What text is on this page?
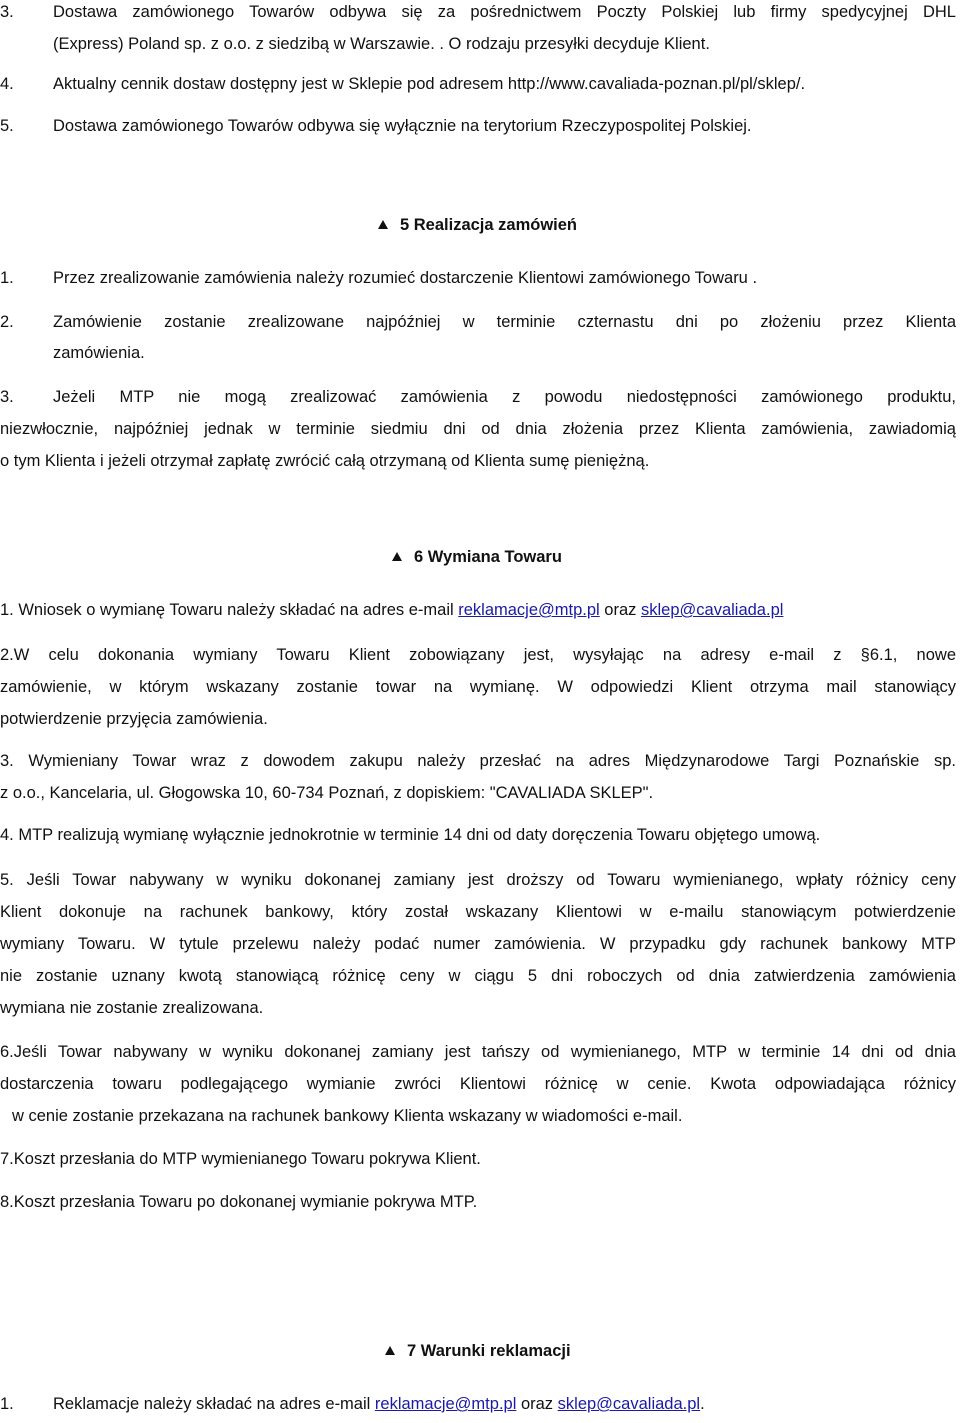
3. Dostawa zamówionego Towarów odbywa się za pośrednictwem Poczty Polskiej lub firmy spedycyjnej DHL
(Express) Poland sp. z o.o. z siedzibą w Warszawie. . O rodzaju przesyłki decyduje Klient.
4. Aktualny cennik dostaw dostępny jest w Sklepie pod adresem http://www.cavaliada-poznan.pl/pl/sklep/.
5. Dostawa zamówionego Towarów odbywa się wyłącznie na terytorium Rzeczypospolitej Polskiej.
5 Realizacja zamówień
1. Przez zrealizowanie zamówienia należy rozumieć dostarczenie Klientowi zamówionego Towaru .
2. Zamówienie zostanie zrealizowane najpóźniej w terminie czternastu dni po złożeniu przez Klienta
zamówienia.
3. Jeżeli MTP nie mogą zrealizować zamówienia z powodu niedostępności zamówionego produktu,
niezwłocznie, najpóźniej jednak w terminie siedmiu dni od dnia złożenia przez Klienta zamówienia, zawiadomią
o tym Klienta i jeżeli otrzymał zapłatę zwrócić całą otrzymaną od Klienta sumę pieniężną.
6 Wymiana Towaru
1. Wniosek o wymianę Towaru należy składać na adres e-mail reklamacje@mtp.pl oraz sklep@cavaliada.pl
2.W celu dokonania wymiany Towaru Klient zobowiązany jest, wysyłając na adresy e-mail z §6.1, nowe
zamówienie, w którym wskazany zostanie towar na wymianę. W odpowiedzi Klient otrzyma mail stanowiący
potwierdzenie przyjęcia zamówienia.
3. Wymieniany Towar wraz z dowodem zakupu należy przesłać na adres Międzynarodowe Targi Poznańskie sp.
z o.o., Kancelaria, ul. Głogowska 10, 60-734 Poznań, z dopiskiem: "CAVALIADA SKLEP".
4. MTP realizują wymianę wyłącznie jednokrotnie w terminie 14 dni od daty doręczenia Towaru objętego umową.
5. Jeśli Towar nabywany w wyniku dokonanej zamiany jest droższy od Towaru wymienianego, wpłaty różnicy ceny
Klient dokonuje na rachunek bankowy, który został wskazany Klientowi w e-mailu stanowiącym potwierdzenie
wymiany Towaru. W tytule przelewu należy podać numer zamówienia. W przypadku gdy rachunek bankowy MTP
nie zostanie uznany kwotą stanowiącą różnicę ceny w ciągu 5 dni roboczych od dnia zatwierdzenia zamówienia
wymiana nie zostanie zrealizowana.
6.Jeśli Towar nabywany w wyniku dokonanej zamiany jest tańszy od wymienianego, MTP w terminie 14 dni od dnia
dostarczenia towaru podlegającego wymianie zwróci Klientowi różnicę w cenie. Kwota odpowiadająca różnicy
w cenie zostanie przekazana na rachunek bankowy Klienta wskazany w wiadomości e-mail.
7.Koszt przesłania do MTP wymienianego Towaru pokrywa Klient.
8.Koszt przesłania Towaru po dokonanej wymianie pokrywa MTP.
7 Warunki reklamacji
1. Reklamacje należy składać na adres e-mail reklamacje@mtp.pl oraz sklep@cavaliada.pl.
